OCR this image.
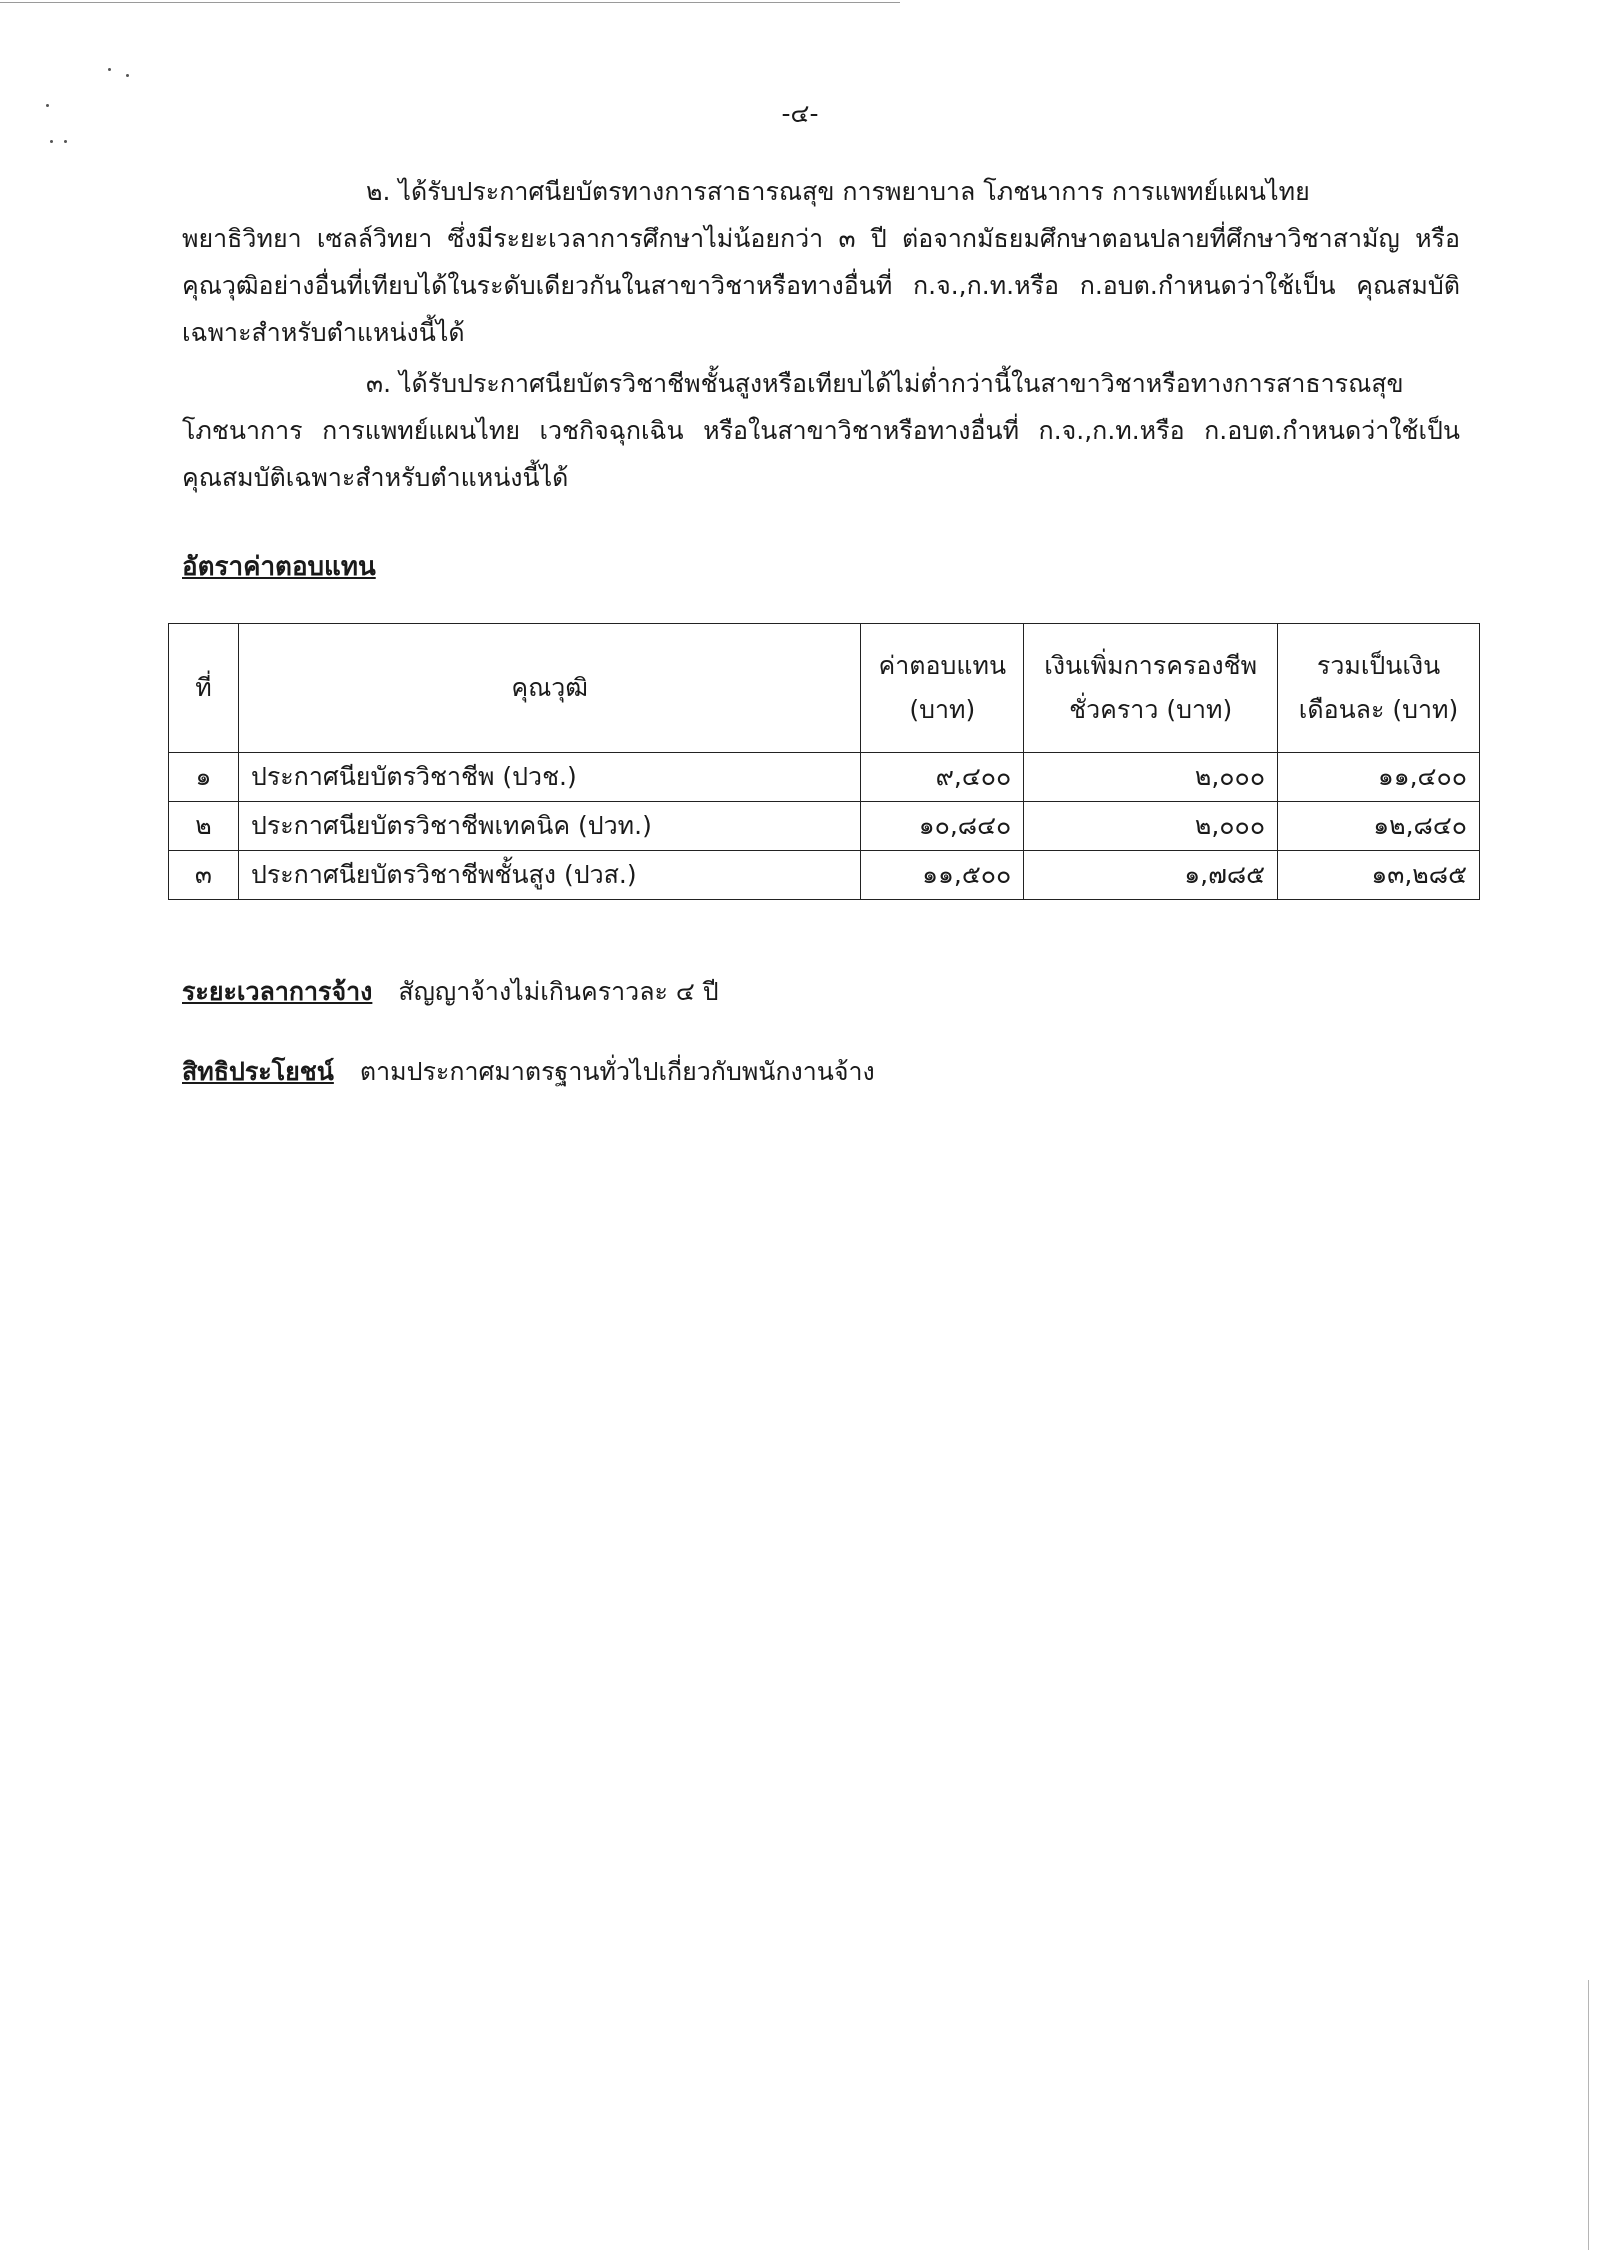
-๔-

๒. ได้รับประกาศนียบัตรทางการสาธารณสุข การพยาบาล โภชนาการ การแพทย์แผนไทย

พยาธิวิทยา เซลล์วิทยา ซึ่งมีระยะเวลาการศึกษาไม่น้อยกว่า ๓ ปี ต่อจากมัธยมศึกษาตอนปลายที่ศึกษาวิชาสามัญ หรือคุณวุฒิอย่างอื่นที่เทียบได้ในระดับเดียวกันในสาขาวิชาหรือทางอื่นที่ ก.จ.,ก.ท.หรือ ก.อบต.กำหนดว่าใช้เป็น คุณสมบัติเฉพาะสำหรับตำแหน่งนี้ได้

๓. ได้รับประกาศนียบัตรวิชาชีพชั้นสูงหรือเทียบได้ไม่ต่ำกว่านี้ในสาขาวิชาหรือทางการสาธารณสุข

โภชนาการ การแพทย์แผนไทย เวชกิจฉุกเฉิน หรือในสาขาวิชาหรือทางอื่นที่ ก.จ.,ก.ท.หรือ ก.อบต.กำหนดว่าใช้เป็น คุณสมบัติเฉพาะสำหรับตำแหน่งนี้ได้

อัตราค่าตอบแทน
ที่	คุณวุฒิ	ค่าตอบแทน (บาท)	เงินเพิ่มการครองชีพชั่วคราว (บาท)	รวมเป็นเงินเดือนละ (บาท)
๑	ประกาศนียบัตรวิชาชีพ (ปวช.)	๙,๔๐๐	๒,๐๐๐	๑๑,๔๐๐
๒	ประกาศนียบัตรวิชาชีพเทคนิค (ปวท.)	๑๐,๘๔๐	๒,๐๐๐	๑๒,๘๔๐
๓	ประกาศนียบัตรวิชาชีพชั้นสูง (ปวส.)	๑๑,๕๐๐	๑,๗๘๕	๑๓,๒๘๕
ระยะเวลาการจ้าง สัญญาจ้างไม่เกินคราวละ ๔ ปี
สิทธิประโยชน์ ตามประกาศมาตรฐานทั่วไปเกี่ยวกับพนักงานจ้าง
